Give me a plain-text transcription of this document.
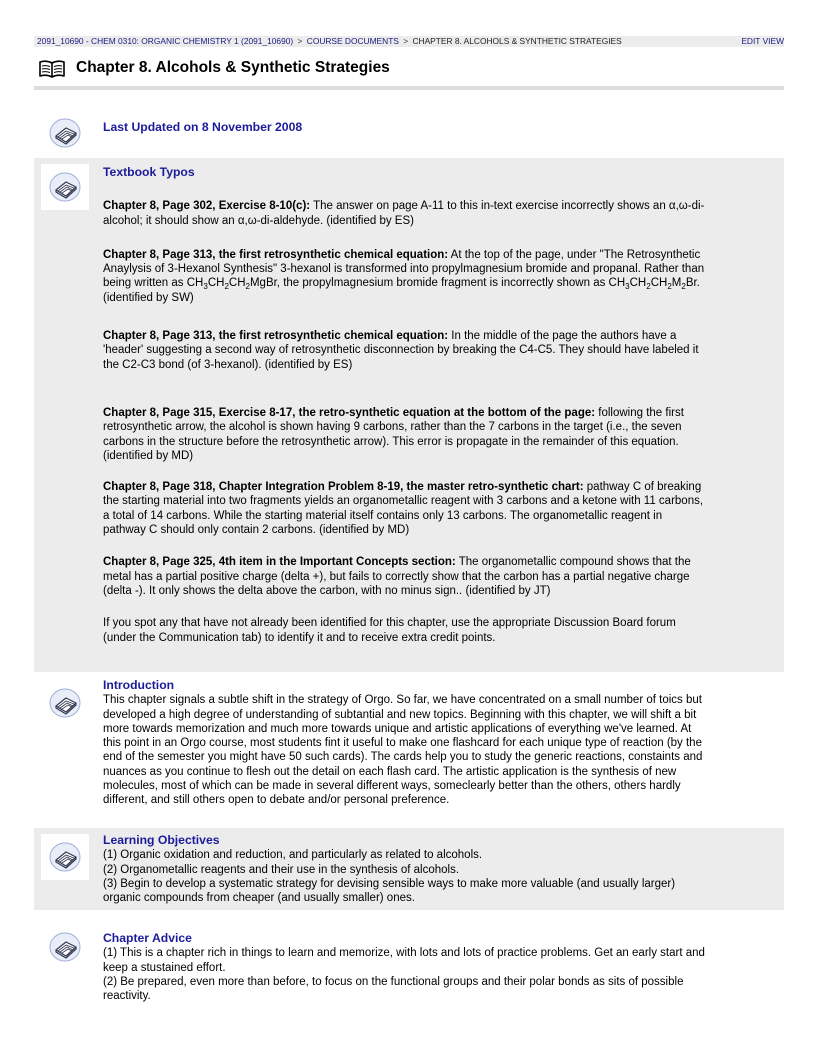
2091_10690 - CHEM 0310: ORGANIC CHEMISTRY 1 (2091_10690) > COURSE DOCUMENTS > CHAPTER 8. ALCOHOLS & SYNTHETIC STRATEGIES	EDIT VIEW
Chapter 8. Alcohols & Synthetic Strategies
Last Updated on 8 November 2008
Textbook Typos

Chapter 8, Page 302, Exercise 8-10(c): The answer on page A-11 to this in-text exercise incorrectly shows an α,ω-di-alcohol; it should show an α,ω-di-aldehyde. (identified by ES)

Chapter 8, Page 313, the first retrosynthetic chemical equation: At the top of the page, under "The Retrosynthetic Anaylysis of 3-Hexanol Synthesis" 3-hexanol is transformed into propylmagnesium bromide and propanal. Rather than being written as $CH_3CH_2CH_2MgBr$, the propylmagnesium bromide fragment is incorrectly shown as $CH_3CH_2CH_2M_2Br$. (identified by SW)

Chapter 8, Page 313, the first retrosynthetic chemical equation: In the middle of the page the authors have a 'header' suggesting a second way of retrosynthetic disconnection by breaking the C4-C5. They should have labeled it the C2-C3 bond (of 3-hexanol). (identified by ES)

Chapter 8, Page 315, Exercise 8-17, the retro-synthetic equation at the bottom of the page: following the first retrosynthetic arrow, the alcohol is shown having 9 carbons, rather than the 7 carbons in the target (i.e., the seven carbons in the structure before the retrosynthetic arrow). This error is propagate in the remainder of this equation. (identified by MD)

Chapter 8, Page 318, Chapter Integration Problem 8-19, the master retro-synthetic chart: pathway C of breaking the starting material into two fragments yields an organometallic reagent with 3 carbons and a ketone with 11 carbons, a total of 14 carbons. While the starting material itself contains only 13 carbons. The organometallic reagent in pathway C should only contain 2 carbons. (identified by MD)

Chapter 8, Page 325, 4th item in the Important Concepts section: The organometallic compound shows that the metal has a partial positive charge (delta +), but fails to correctly show that the carbon has a partial negative charge (delta -). It only shows the delta above the carbon, with no minus sign.. (identified by JT)

If you spot any that have not already been identified for this chapter, use the appropriate Discussion Board forum (under the Communication tab) to identify it and to receive extra credit points.

Introduction

This chapter signals a subtle shift in the strategy of Orgo. So far, we have concentrated on a small number of toics but developed a high degree of understanding of subtantial and new topics. Beginning with this chapter, we will shift a bit more towards memorization and much more towards unique and artistic applications of everything we've learned. At this point in an Orgo course, most students fint it useful to make one flashcard for each unique type of reaction (by the end of the semester you might have 50 such cards). The cards help you to study the generic reactions, constaints and nuances as you continue to flesh out the detail on each flash card. The artistic application is the synthesis of new molecules, most of which can be made in several different ways, someclearly better than the others, others hardly different, and still others open to debate and/or personal preference.

Learning Objectives

(1) Organic oxidation and reduction, and particularly as related to alcohols.

(2) Organometallic reagents and their use in the synthesis of alcohols.

(3) Begin to develop a systematic strategy for devising sensible ways to make more valuable (and usually larger) organic compounds from cheaper (and usually smaller) ones.

Chapter Advice

(1) This is a chapter rich in things to learn and memorize, with lots and lots of practice problems. Get an early start and keep a stustained effort.

(2) Be prepared, even more than before, to focus on the functional groups and their polar bonds as sits of possible reactivity.
